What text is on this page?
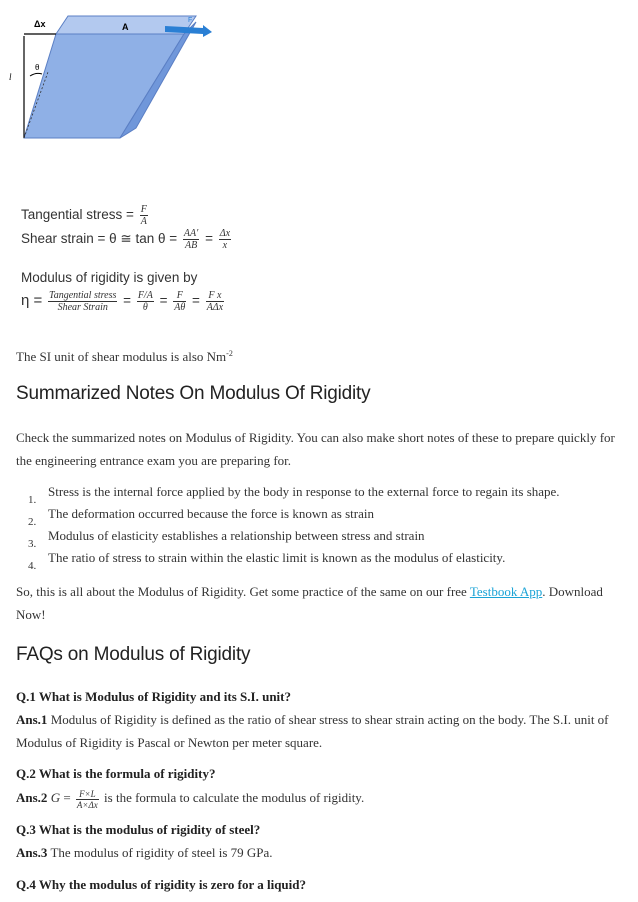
Δx	A
F
θ
l
Tangential stress = $\frac{F}{A}$
Shear strain = θ ≅ $\tan \theta = \frac{AA'}{AB} = \frac{\Delta x}{x}$
Modulus of rigidity is given by
$\eta = \frac{\text{Tangential stress}}{\text{Shear Strain}} = \frac{F/A}{\theta} = \frac{F}{A\theta} = \frac{\text{F x}}{\text{AΔx}}$
The SI unit of shear modulus is also $Nm^{-2}$
Summarized Notes On Modulus Of Rigidity
Check the summarized notes on Modulus of Rigidity. You can also make short notes of these to prepare quickly for the engineering entrance exam you are preparing for.
1.
Stress is the internal force applied by the body in response to the external force to regain its shape.
2.
The deformation occurred because the force is known as strain
3.
Modulus of elasticity establishes a relationship between stress and strain
4.
The ratio of stress to strain within the elastic limit is known as the modulus of elasticity.
So, this is all about the Modulus of Rigidity. Get some practice of the same on our free Testbook App. Download Now!
FAQs on Modulus of Rigidity
Q.1 What is Modulus of Rigidity and its S.I. unit?
Ans.1 Modulus of Rigidity is defined as the ratio of shear stress to shear strain acting on the body. The S.I. unit of Modulus of Rigidity is Pascal or Newton per meter square.
Q.2 What is the formula of rigidity?
Ans.2 $G = \frac{F\times L}{A\times\Delta x}$ is the formula to calculate the modulus of rigidity.
Q.3 What is the modulus of rigidity of steel?
Ans.3 The modulus of rigidity of steel is 79 GPa.
Q.4 Why the modulus of rigidity is zero for a liquid?
